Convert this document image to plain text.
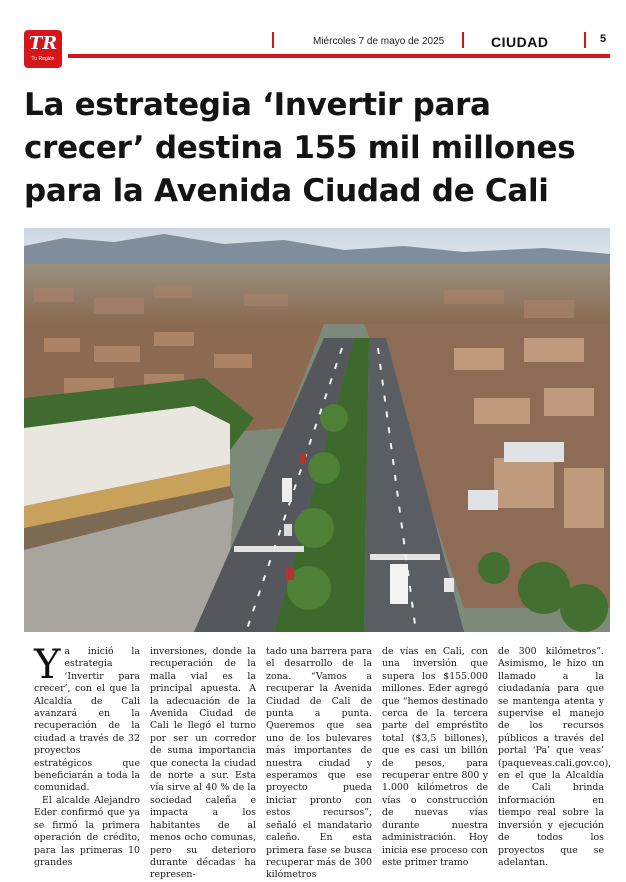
TR
Tu Región
Miércoles 7 de mayo de 2025	CIUDAD	5
La estrategia ‘Invertir para crecer’ destina 155 mil millones para la Avenida Ciudad de Cali
Y a inició la estrategia ‘Invertir para crecer’, con el que la Alcaldía de Cali avanzará en la recuperación de la ciudad a través de 32 proyectos estratégicos que beneficiarán a toda la comunidad.

El alcalde Alejandro Eder confirmó que ya se firmó la primera operación de crédito, para las primeras 10 grandes

inversiones, donde la recuperación de la malla vial es la principal apuesta. A la adecuación de la Avenida Ciudad de Cali le llegó el turno por ser un corredor de suma importancia que conecta la ciudad de norte a sur. Esta vía sirve al 40 % de la sociedad caleña e impacta a los habitantes de al menos ocho comunas, pero su deterioro durante décadas ha represen-

tado una barrera para el desarrollo de la zona. “Vamos a recuperar la Avenida Ciudad de Cali de punta a punta. Queremos que sea uno de los bulevares más importantes de nuestra ciudad y esperamos que ese proyecto pueda iniciar pronto con estos recursos”, señaló el mandatario caleño. En esta primera fase se busca recuperar más de 300 kilómetros

de vías en Cali, con una inversión que supera los $155.000 millones. Eder agregó que “hemos destinado cerca de la tercera parte del empréstito total ($3,5 billones), que es casi un billón de pesos, para recuperar entre 800 y 1.000 kilómetros de vías o construcción de nuevas vías durante nuestra administración. Hoy inicia ese proceso con este primer tramo

de 300 kilómetros”. Asimismo, le hizo un llamado a la ciudadanía para que se mantenga atenta y supervise el manejo de los recursos públicos a través del portal ‘Pa’ que veas’ (paqueveas.cali.gov.co), en el que la Alcaldía de Cali brinda información en tiempo real sobre la inversión y ejecución de todos los proyectos que se adelantan.
